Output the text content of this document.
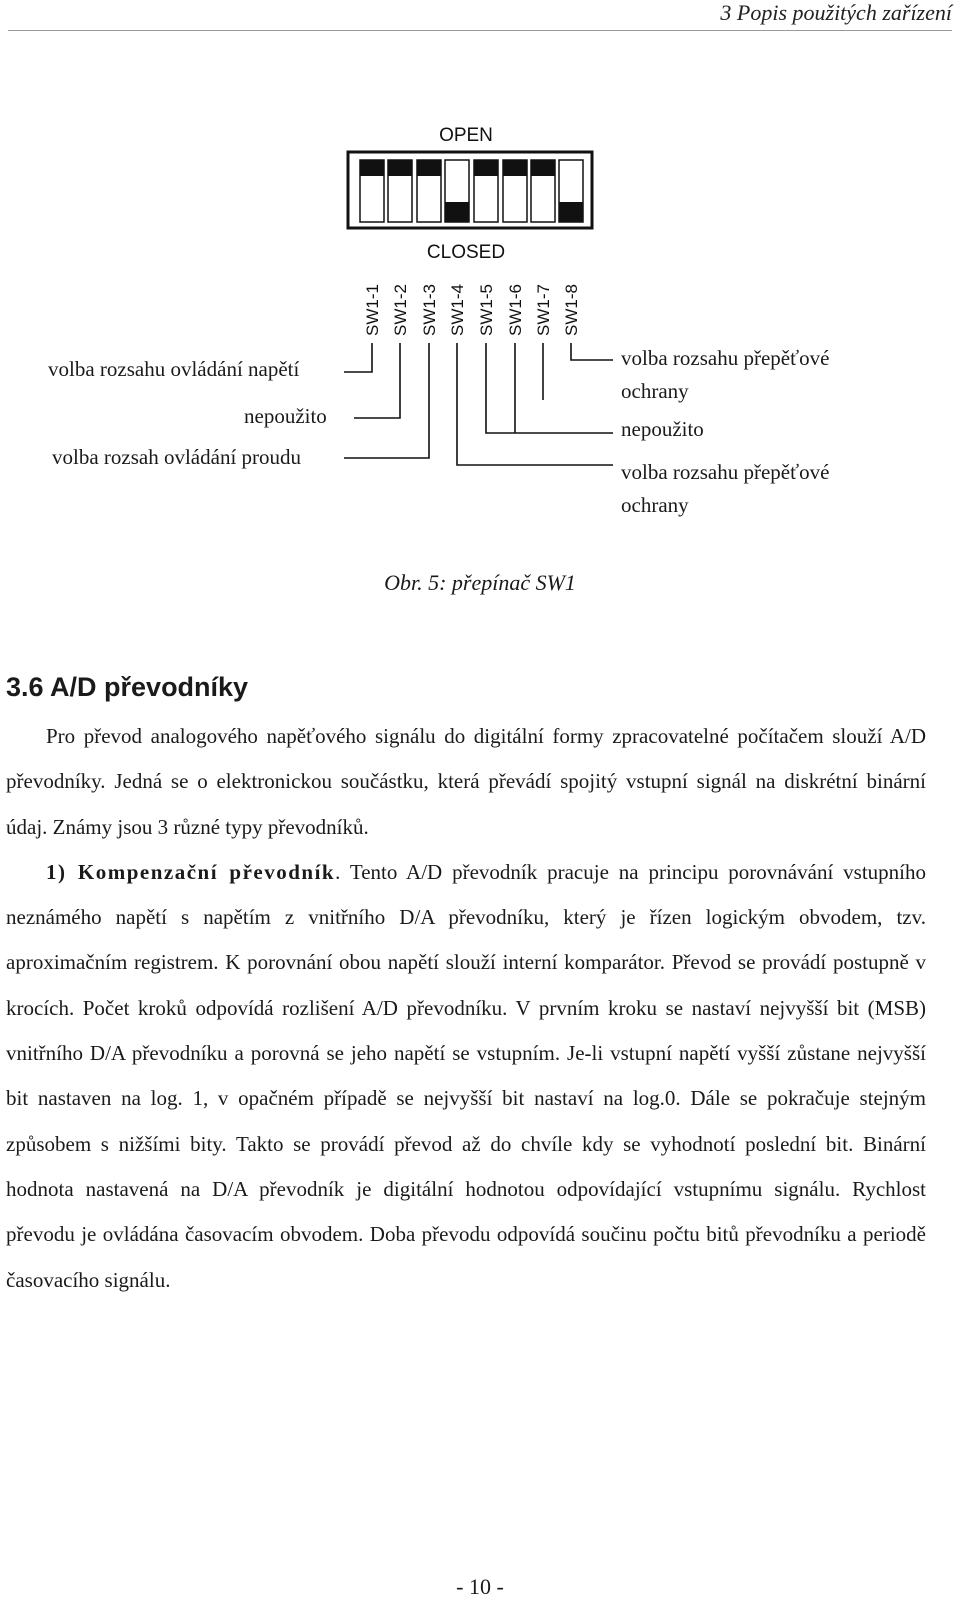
3 Popis použitých zařízení
OPEN
CLOSED
SW1-1 SW1-2 SW1-3 SW1-4 SW1-5 SW1-6 SW1-7 SW1-8
volba rozsahu ovládání napětí
nepoužito
volba rozsah ovládání proudu
volba rozsahu přepěťové
ochrany
nepoužito
volba rozsahu přepěťové
ochrany
Obr. 5: přepínač SW1
3.6 A/D převodníky

Pro převod analogového napěťového signálu do digitální formy zpracovatelné počítačem slouží A/D převodníky. Jedná se o elektronickou součástku, která převádí spojitý vstupní signál na diskrétní binární údaj. Známy jsou 3 různé typy převodníků.

1) Kompenzační převodník. Tento A/D převodník pracuje na principu porovnávání vstupního neznámého napětí s napětím z vnitřního D/A převodníku, který je řízen logickým obvodem, tzv. aproximačním registrem. K porovnání obou napětí slouží interní komparátor. Převod se provádí postupně v krocích. Počet kroků odpovídá rozlišení A/D převodníku. V prvním kroku se nastaví nejvyšší bit (MSB) vnitřního D/A převodníku a porovná se jeho napětí se vstupním. Je-li vstupní napětí vyšší zůstane nejvyšší bit nastaven na log. 1, v opačném případě se nejvyšší bit nastaví na log.0. Dále se pokračuje stejným způsobem s nižšími bity. Takto se provádí převod až do chvíle kdy se vyhodnotí poslední bit. Binární hodnota nastavená na D/A převodník je digitální hodnotou odpovídající vstupnímu signálu. Rychlost převodu je ovládána časovacím obvodem. Doba převodu odpovídá součinu počtu bitů převodníku a periodě časovacího signálu.

- 10 -
